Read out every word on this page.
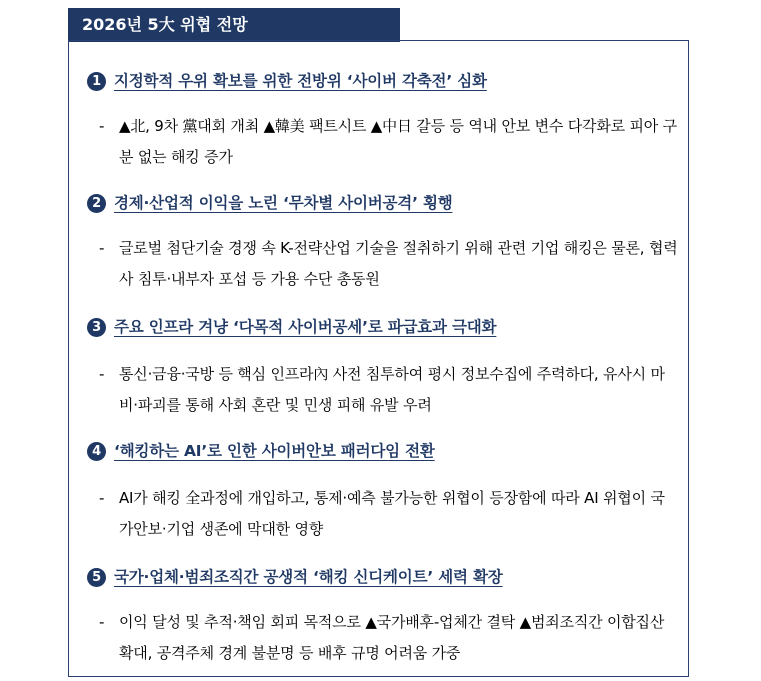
2026년 5大 위협 전망
1 지정학적 우위 확보를 위한 전방위 ‘사이버 각축전’ 심화
- ▲北, 9차 黨대회 개최 ▲韓美 팩트시트 ▲中日 갈등 등 역내 안보 변수 다각화로 피아 구분 없는 해킹 증가
2 경제·산업적 이익을 노린 ‘무차별 사이버공격’ 횡행
- 글로벌 첨단기술 경쟁 속 K-전략산업 기술을 절취하기 위해 관련 기업 해킹은 물론, 협력사 침투·내부자 포섭 등 가용 수단 총동원
3 주요 인프라 겨냥 ‘다목적 사이버공세’로 파급효과 극대화
- 통신·금융·국방 등 핵심 인프라內 사전 침투하여 평시 정보수집에 주력하다, 유사시 마비·파괴를 통해 사회 혼란 및 민생 피해 유발 우려
4 ‘해킹하는 AI’로 인한 사이버안보 패러다임 전환
- AI가 해킹 全과정에 개입하고, 통제·예측 불가능한 위협이 등장함에 따라 AI 위협이 국가안보·기업 생존에 막대한 영향
5 국가·업체·범죄조직간 공생적 ‘해킹 신디케이트’ 세력 확장
- 이익 달성 및 추적·책임 회피 목적으로 ▲국가배후-업체간 결탁 ▲범죄조직간 이합집산 확대, 공격주체 경계 불분명 등 배후 규명 어려움 가중
